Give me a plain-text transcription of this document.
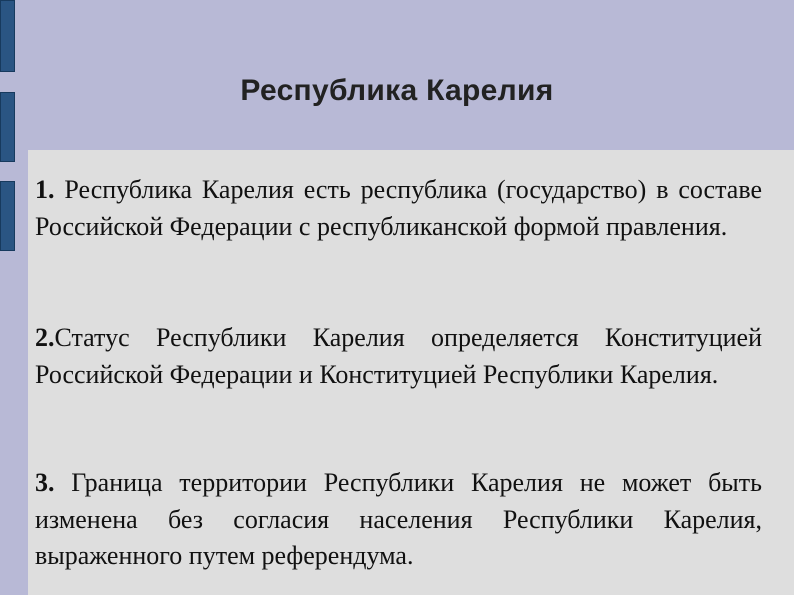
Республика Карелия
1. Республика Карелия есть республика (государство) в составе Российской Федерации с республиканской формой правления.
2.Статус Республики Карелия определяется Конституцией Российской Федерации и Конституцией Республики Карелия.
3. Граница территории Республики Карелия не может быть изменена без согласия населения Республики Карелия, выраженного путем референдума.
